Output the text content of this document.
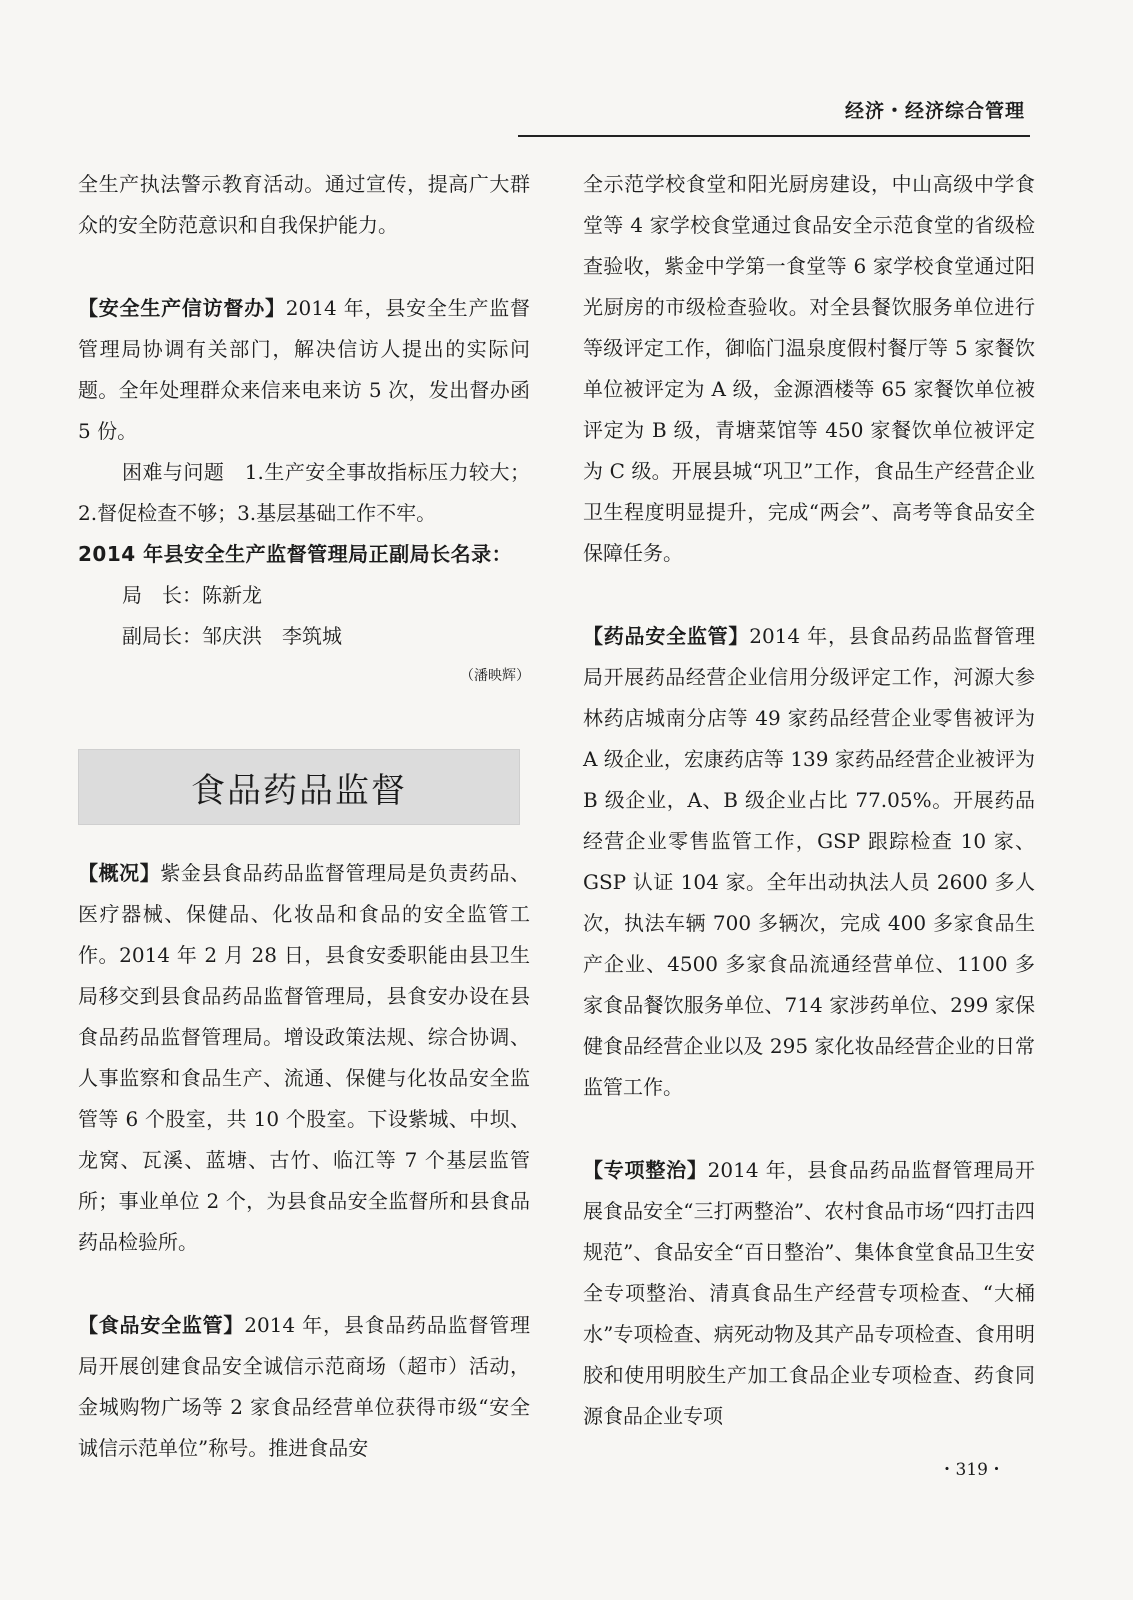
经济・经济综合管理

全生产执法警示教育活动。通过宣传，提高广大群众的安全防范意识和自我保护能力。

【安全生产信访督办】2014 年，县安全生产监督管理局协调有关部门，解决信访人提出的实际问题。全年处理群众来信来电来访 5 次，发出督办函 5 份。

困难与问题　1.生产安全事故指标压力较大；2.督促检查不够；3.基层基础工作不牢。

2014 年县安全生产监督管理局正副局长名录：

局　长：陈新龙

副局长：邹庆洪　李筑城

（潘映辉）
食品药品监督

【概况】紫金县食品药品监督管理局是负责药品、医疗器械、保健品、化妆品和食品的安全监管工作。2014 年 2 月 28 日，县食安委职能由县卫生局移交到县食品药品监督管理局，县食安办设在县食品药品监督管理局。增设政策法规、综合协调、人事监察和食品生产、流通、保健与化妆品安全监管等 6 个股室，共 10 个股室。下设紫城、中坝、龙窝、瓦溪、蓝塘、古竹、临江等 7 个基层监管所；事业单位 2 个，为县食品安全监督所和县食品药品检验所。

【食品安全监管】2014 年，县食品药品监督管理局开展创建食品安全诚信示范商场（超市）活动，金城购物广场等 2 家食品经营单位获得市级“安全诚信示范单位”称号。推进食品安

全示范学校食堂和阳光厨房建设，中山高级中学食堂等 4 家学校食堂通过食品安全示范食堂的省级检查验收，紫金中学第一食堂等 6 家学校食堂通过阳光厨房的市级检查验收。对全县餐饮服务单位进行等级评定工作，御临门温泉度假村餐厅等 5 家餐饮单位被评定为 A 级，金源酒楼等 65 家餐饮单位被评定为 B 级，青塘菜馆等 450 家餐饮单位被评定为 C 级。开展县城“巩卫”工作，食品生产经营企业卫生程度明显提升，完成“两会”、高考等食品安全保障任务。

【药品安全监管】2014 年，县食品药品监督管理局开展药品经营企业信用分级评定工作，河源大参林药店城南分店等 49 家药品经营企业零售被评为 A 级企业，宏康药店等 139 家药品经营企业被评为 B 级企业，A、B 级企业占比 77.05%。开展药品经营企业零售监管工作，GSP 跟踪检查 10 家、GSP 认证 104 家。全年出动执法人员 2600 多人次，执法车辆 700 多辆次，完成 400 多家食品生产企业、4500 多家食品流通经营单位、1100 多家食品餐饮服务单位、714 家涉药单位、299 家保健食品经营企业以及 295 家化妆品经营企业的日常监管工作。

【专项整治】2014 年，县食品药品监督管理局开展食品安全“三打两整治”、农村食品市场“四打击四规范”、食品安全“百日整治”、集体食堂食品卫生安全专项整治、清真食品生产经营专项检查、“大桶水”专项检查、病死动物及其产品专项检查、食用明胶和使用明胶生产加工食品企业专项检查、药食同源食品企业专项

・319・
